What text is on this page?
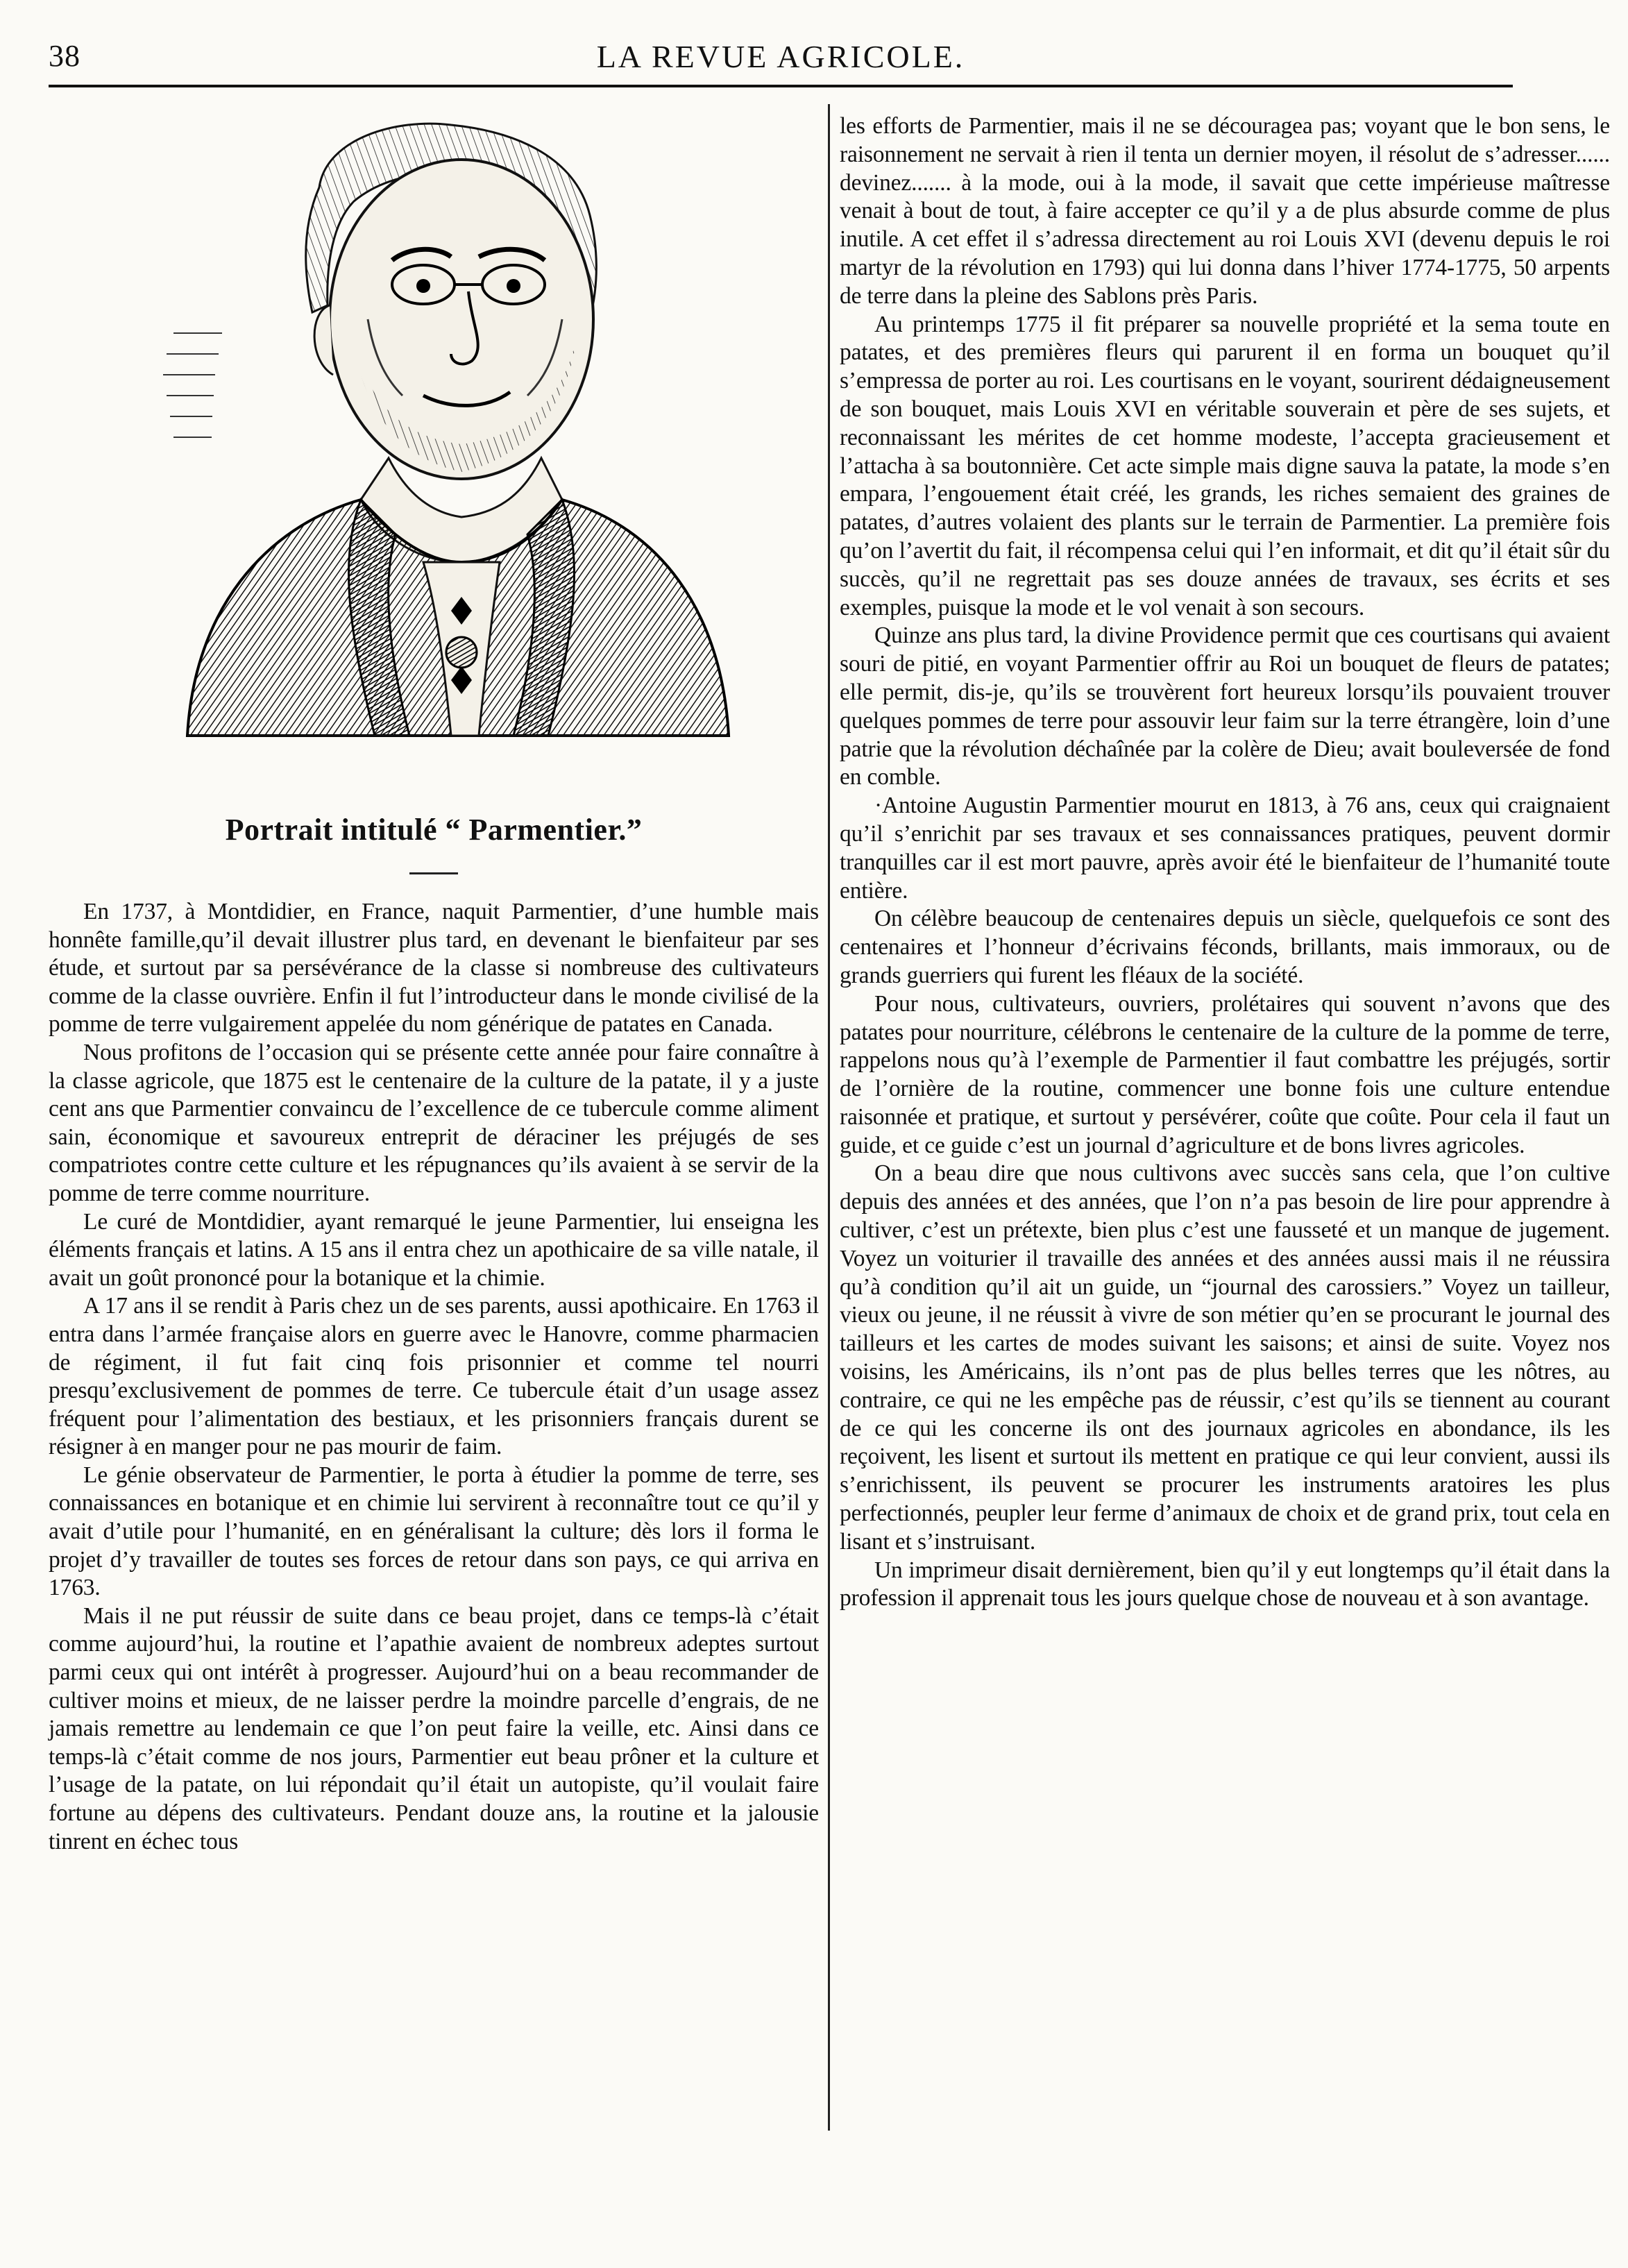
38	LA REVUE AGRICOLE.
Portrait intitulé “ Parmentier.”

En 1737, à Montdidier, en France, naquit Parmentier, d’une humble mais honnête famille,qu’il devait illustrer plus tard, en devenant le bienfaiteur par ses étude, et surtout par sa persévérance de la classe si nombreuse des cultivateurs comme de la classe ouvrière. Enfin il fut l’introducteur dans le monde civilisé de la pomme de terre vulgairement appelée du nom générique de patates en Canada.

Nous profitons de l’occasion qui se présente cette année pour faire connaître à la classe agricole, que 1875 est le centenaire de la culture de la patate, il y a juste cent ans que Parmentier convaincu de l’excellence de ce tubercule comme aliment sain, économique et savoureux entreprit de déraciner les préjugés de ses compatriotes contre cette culture et les répugnances qu’ils avaient à se servir de la pomme de terre comme nourriture.

Le curé de Montdidier, ayant remarqué le jeune Parmentier, lui enseigna les éléments français et latins. A 15 ans il entra chez un apothicaire de sa ville natale, il avait un goût prononcé pour la botanique et la chimie.

A 17 ans il se rendit à Paris chez un de ses parents, aussi apothicaire. En 1763 il entra dans l’armée française alors en guerre avec le Hanovre, comme pharmacien de régiment, il fut fait cinq fois prisonnier et comme tel nourri presqu’exclusivement de pommes de terre. Ce tubercule était d’un usage assez fréquent pour l’alimentation des bestiaux, et les prisonniers français durent se résigner à en manger pour ne pas mourir de faim.

Le génie observateur de Parmentier, le porta à étudier la pomme de terre, ses connaissances en botanique et en chimie lui servirent à reconnaître tout ce qu’il y avait d’utile pour l’humanité, en en généralisant la culture; dès lors il forma le projet d’y travailler de toutes ses forces de retour dans son pays, ce qui arriva en 1763.

Mais il ne put réussir de suite dans ce beau projet, dans ce temps-là c’était comme aujourd’hui, la routine et l’apathie avaient de nombreux adeptes surtout parmi ceux qui ont intérêt à progresser. Aujourd’hui on a beau recommander de cultiver moins et mieux, de ne laisser perdre la moindre parcelle d’engrais, de ne jamais remettre au lendemain ce que l’on peut faire la veille, etc. Ainsi dans ce temps-là c’était comme de nos jours, Parmentier eut beau prôner et la culture et l’usage de la patate, on lui répondait qu’il était un autopiste, qu’il voulait faire fortune au dépens des cultivateurs. Pendant douze ans, la routine et la jalousie tinrent en échec tous

les efforts de Parmentier, mais il ne se découragea pas; voyant que le bon sens, le raisonnement ne servait à rien il tenta un dernier moyen, il résolut de s’adresser...... devinez....... à la mode, oui à la mode, il savait que cette impérieuse maîtresse venait à bout de tout, à faire accepter ce qu’il y a de plus absurde comme de plus inutile. A cet effet il s’adressa directement au roi Louis XVI (devenu depuis le roi martyr de la révolution en 1793) qui lui donna dans l’hiver 1774-1775, 50 arpents de terre dans la pleine des Sablons près Paris.

Au printemps 1775 il fit préparer sa nouvelle propriété et la sema toute en patates, et des premières fleurs qui parurent il en forma un bouquet qu’il s’empressa de porter au roi. Les courtisans en le voyant, sourirent dédaigneusement de son bouquet, mais Louis XVI en véritable souverain et père de ses sujets, et reconnaissant les mérites de cet homme modeste, l’accepta gracieusement et l’attacha à sa boutonnière. Cet acte simple mais digne sauva la patate, la mode s’en empara, l’engouement était créé, les grands, les riches semaient des graines de patates, d’autres volaient des plants sur le terrain de Parmentier. La première fois qu’on l’avertit du fait, il récompensa celui qui l’en informait, et dit qu’il était sûr du succès, qu’il ne regrettait pas ses douze années de travaux, ses écrits et ses exemples, puisque la mode et le vol venait à son secours.

Quinze ans plus tard, la divine Providence permit que ces courtisans qui avaient souri de pitié, en voyant Parmentier offrir au Roi un bouquet de fleurs de patates; elle permit, dis-je, qu’ils se trouvèrent fort heureux lorsqu’ils pouvaient trouver quelques pommes de terre pour assouvir leur faim sur la terre étrangère, loin d’une patrie que la révolution déchaînée par la colère de Dieu; avait bouleversée de fond en comble.

·Antoine Augustin Parmentier mourut en 1813, à 76 ans, ceux qui craignaient qu’il s’enrichit par ses travaux et ses connaissances pratiques, peuvent dormir tranquilles car il est mort pauvre, après avoir été le bienfaiteur de l’humanité toute entière.

On célèbre beaucoup de centenaires depuis un siècle, quelquefois ce sont des centenaires et l’honneur d’écrivains féconds, brillants, mais immoraux, ou de grands guerriers qui furent les fléaux de la société.

Pour nous, cultivateurs, ouvriers, prolétaires qui souvent n’avons que des patates pour nourriture, célébrons le centenaire de la culture de la pomme de terre, rappelons nous qu’à l’exemple de Parmentier il faut combattre les préjugés, sortir de l’ornière de la routine, commencer une bonne fois une culture entendue raisonnée et pratique, et surtout y persévérer, coûte que coûte. Pour cela il faut un guide, et ce guide c’est un journal d’agriculture et de bons livres agricoles.

On a beau dire que nous cultivons avec succès sans cela, que l’on cultive depuis des années et des années, que l’on n’a pas besoin de lire pour apprendre à cultiver, c’est un prétexte, bien plus c’est une fausseté et un manque de jugement. Voyez un voiturier il travaille des années et des années aussi mais il ne réussira qu’à condition qu’il ait un guide, un “journal des carossiers.” Voyez un tailleur, vieux ou jeune, il ne réussit à vivre de son métier qu’en se procurant le journal des tailleurs et les cartes de modes suivant les saisons; et ainsi de suite. Voyez nos voisins, les Américains, ils n’ont pas de plus belles terres que les nôtres, au contraire, ce qui ne les empêche pas de réussir, c’est qu’ils se tiennent au courant de ce qui les concerne ils ont des journaux agricoles en abondance, ils les reçoivent, les lisent et surtout ils mettent en pratique ce qui leur convient, aussi ils s’enrichissent, ils peuvent se procurer les instruments aratoires les plus perfectionnés, peupler leur ferme d’animaux de choix et de grand prix, tout cela en lisant et s’instruisant.

Un imprimeur disait dernièrement, bien qu’il y eut longtemps qu’il était dans la profession il apprenait tous les jours quelque chose de nouveau et à son avantage.
